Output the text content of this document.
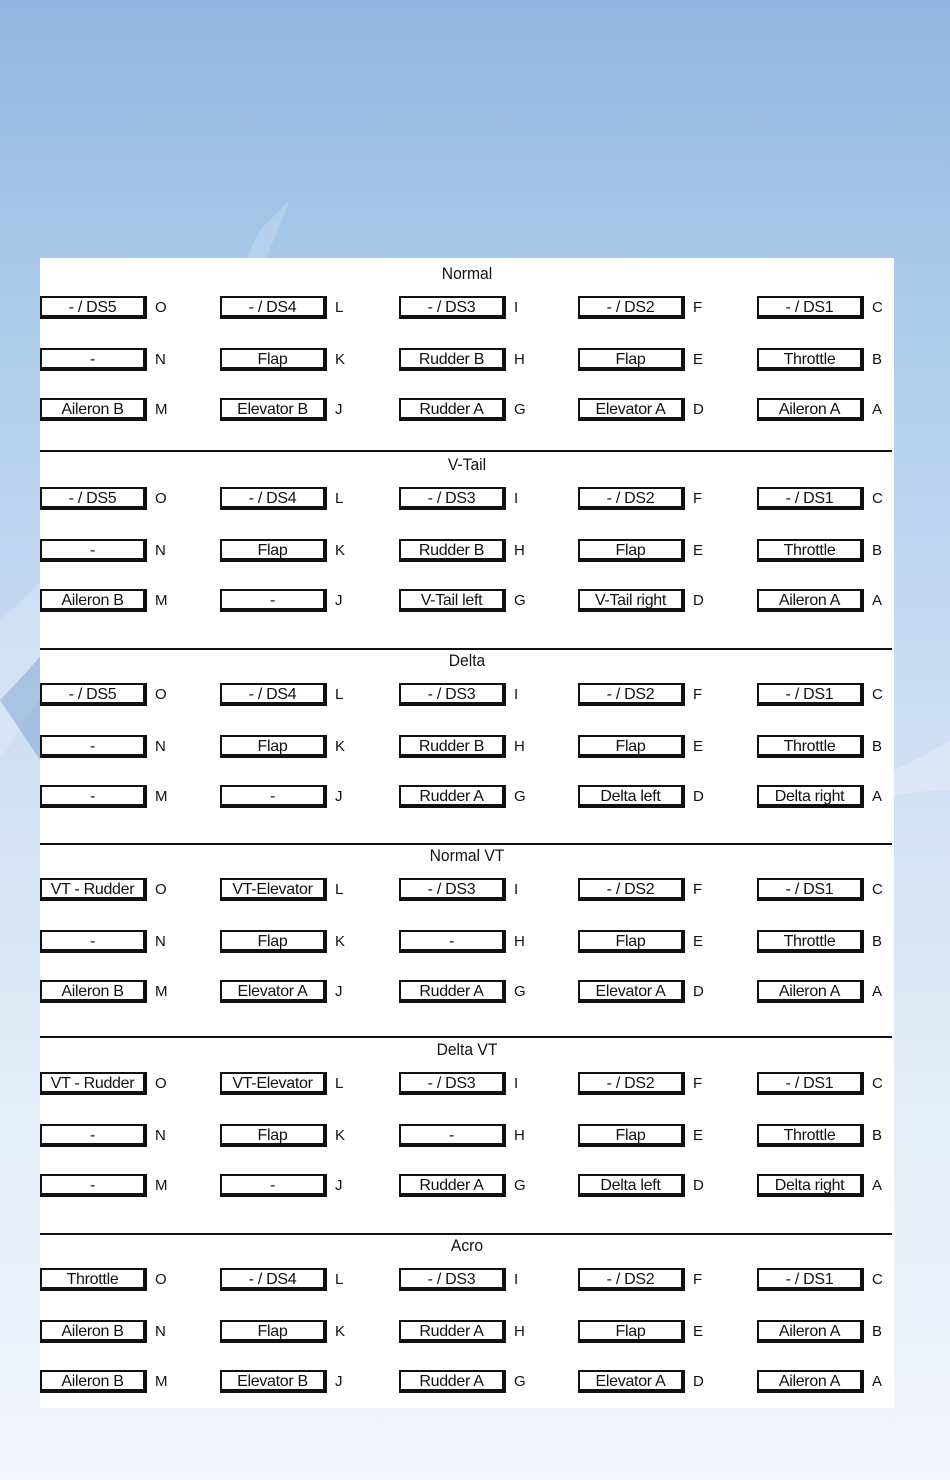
Normal
- / DS5	O	- / DS4	L	- / DS3	I	- / DS2	F	- / DS1	C
-	N	Flap	K	Rudder B	H	Flap	E	Throttle	B
Aileron B	M	Elevator B	J	Rudder A	G	Elevator A	D	Aileron A	A
V-Tail
- / DS5	O	- / DS4	L	- / DS3	I	- / DS2	F	- / DS1	C
-	N	Flap	K	Rudder B	H	Flap	E	Throttle	B
Aileron B	M	-	J	V-Tail left	G	V-Tail right	D	Aileron A	A
Delta
- / DS5	O	- / DS4	L	- / DS3	I	- / DS2	F	- / DS1	C
-	N	Flap	K	Rudder B	H	Flap	E	Throttle	B
-	M	-	J	Rudder A	G	Delta left	D	Delta right	A
Normal VT
VT - Rudder	O	VT-Elevator	L	- / DS3	I	- / DS2	F	- / DS1	C
-	N	Flap	K	-	H	Flap	E	Throttle	B
Aileron B	M	Elevator A	J	Rudder A	G	Elevator A	D	Aileron A	A
Delta VT
VT - Rudder	O	VT-Elevator	L	- / DS3	I	- / DS2	F	- / DS1	C
-	N	Flap	K	-	H	Flap	E	Throttle	B
-	M	-	J	Rudder A	G	Delta left	D	Delta right	A
Acro
Throttle	O	- / DS4	L	- / DS3	I	- / DS2	F	- / DS1	C
Aileron B	N	Flap	K	Rudder A	H	Flap	E	Aileron A	B
Aileron B	M	Elevator B	J	Rudder A	G	Elevator A	D	Aileron A	A
